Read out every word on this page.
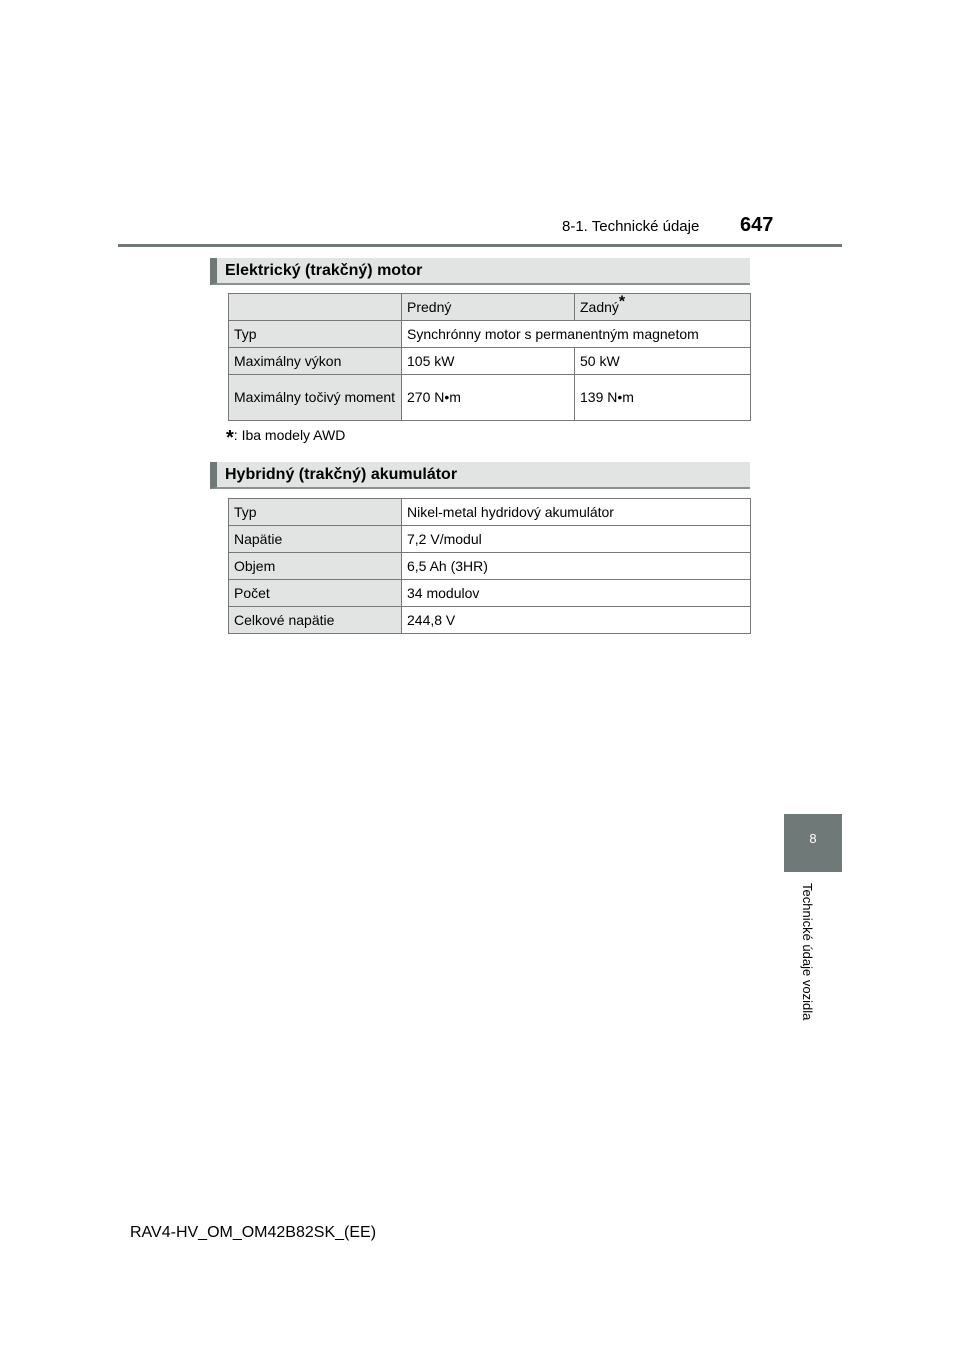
8-1. Technické údaje 647
Elektrický (trakčný) motor
	Predný	Zadný*
Typ	Synchrónny motor s permanentným magnetom	
Maximálny výkon	105 kW	50 kW
Maximálny točivý moment	270 N•m	139 N•m
*: Iba modely AWD
Hybridný (trakčný) akumulátor
Typ	Nikel-metal hydridový akumulátor
Napätie	7,2 V/modul
Objem	6,5 Ah (3HR)
Počet	34 modulov
Celkové napätie	244,8 V
8
Technické údaje vozidla
RAV4-HV_OM_OM42B82SK_(EE)
